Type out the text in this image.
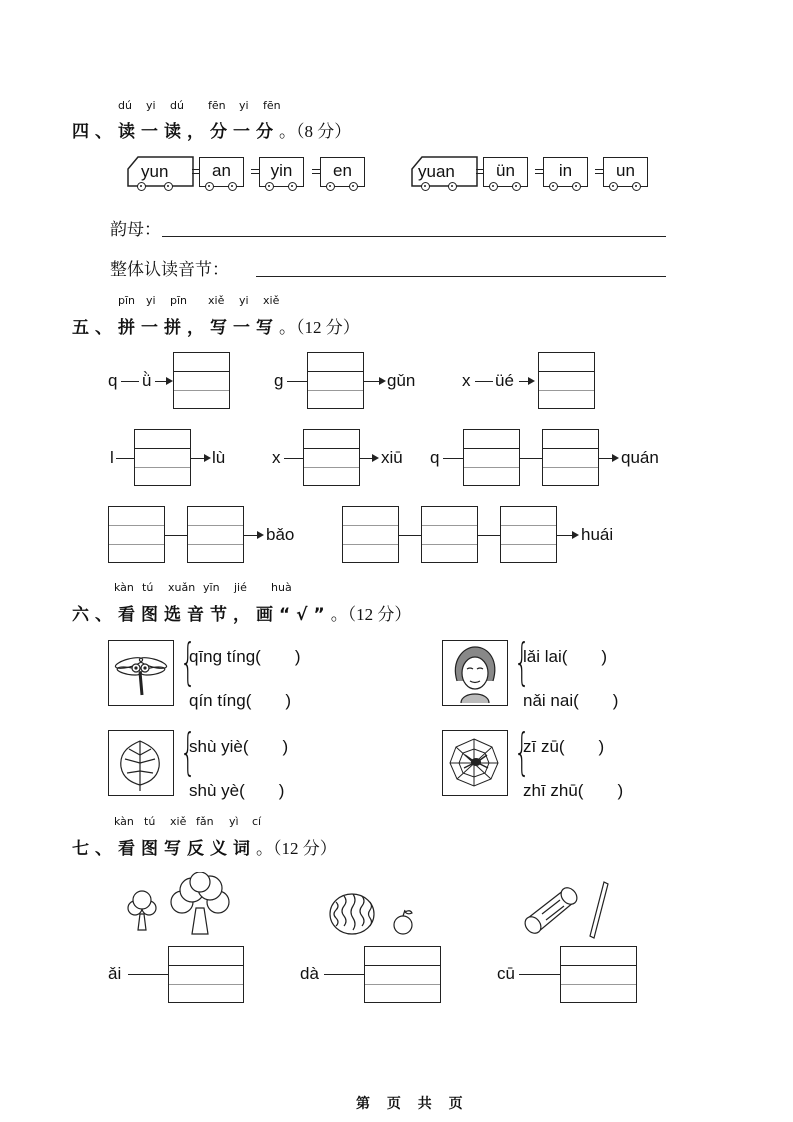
dú yi dú fēn yi fēn
四、读一读，分一分。（8 分）
yun	an	yin	en	yuan	ün	in	un
韵母：
整体认读音节：
pīn yi pīn xiě yi xiě
五、拼一拼，写一写。（12 分）
q ǜ	g	gǔn	x üé
l	lù	x	xiū q	quán
bǎo	huái
kàn tú xuǎn yīn jié huà
六、看图选音节，画“√”。（12 分）
{
qīng tíng(　　)
qín tíng(　　)
{
lǎi lai(　　)
nǎi nai(　　)
{
shù yiè(　　)
shù yè(　　)
{
zī zū(　　)
zhī zhū(　　)
kàn tú xiě fǎn yì cí
七、看图写反义词。（12 分）
ǎi	dà	cū
第 页 共 页
